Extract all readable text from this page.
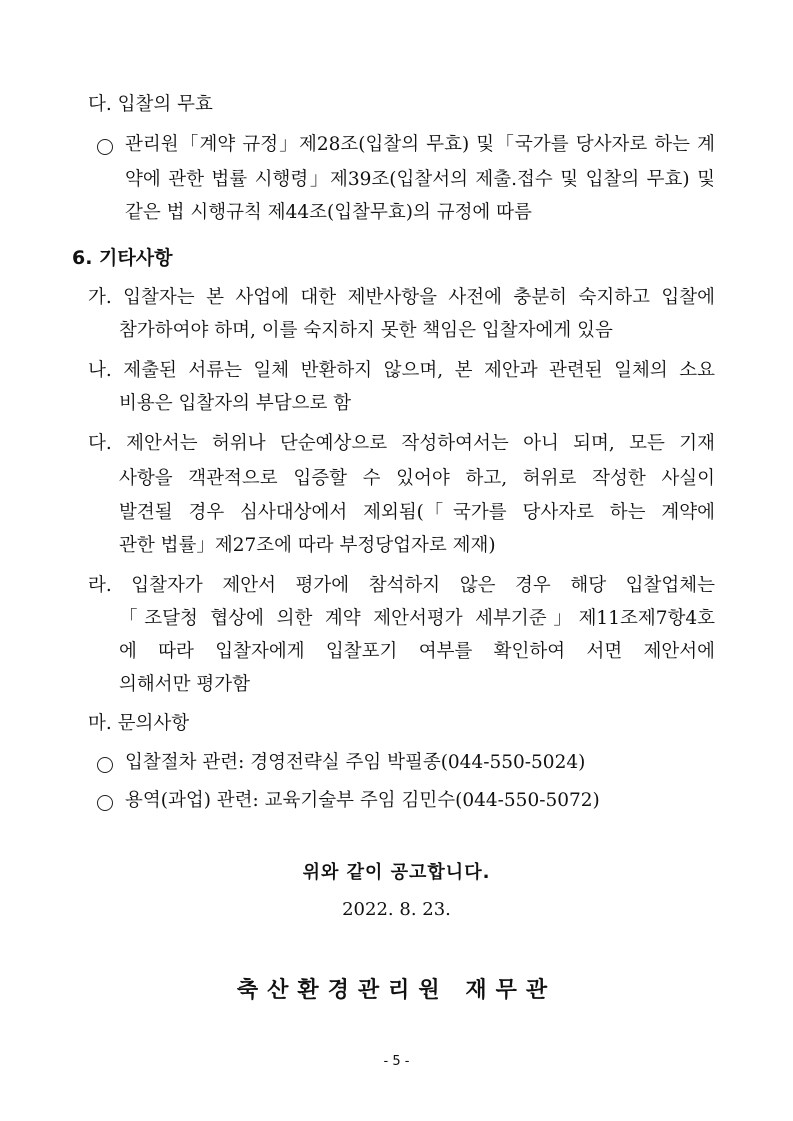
다. 입찰의 무효
관리원「계약 규정」제28조(입찰의 무효) 및「국가를 당사자로 하는 계
약에 관한 법률 시행령」제39조(입찰서의 제출.접수 및 입찰의 무효) 및
같은 법 시행규칙 제44조(입찰무효)의 규정에 따름
6. 기타사항
가. 입찰자는 본 사업에 대한 제반사항을 사전에 충분히 숙지하고 입찰에
참가하여야 하며, 이를 숙지하지 못한 책임은 입찰자에게 있음
나. 제출된 서류는 일체 반환하지 않으며, 본 제안과 관련된 일체의 소요
비용은 입찰자의 부담으로 함
다. 제안서는 허위나 단순예상으로 작성하여서는 아니 되며, 모든 기재
사항을 객관적으로 입증할 수 있어야 하고, 허위로 작성한 사실이
발견될 경우 심사대상에서 제외됨(「국가를 당사자로 하는 계약에
관한 법률」제27조에 따라 부정당업자로 제재)
라. 입찰자가 제안서 평가에 참석하지 않은 경우 해당 입찰업체는
「조달청 협상에 의한 계약 제안서평가 세부기준」제11조제7항4호
에 따라 입찰자에게 입찰포기 여부를 확인하여 서면 제안서에
의해서만 평가함
마. 문의사항
입찰절차 관련: 경영전략실 주임 박필종(044-550-5024)
용역(과업) 관련: 교육기술부 주임 김민수(044-550-5072)
위와 같이 공고합니다.
2022. 8. 23.
축산환경관리원 재무관
- 5 -
